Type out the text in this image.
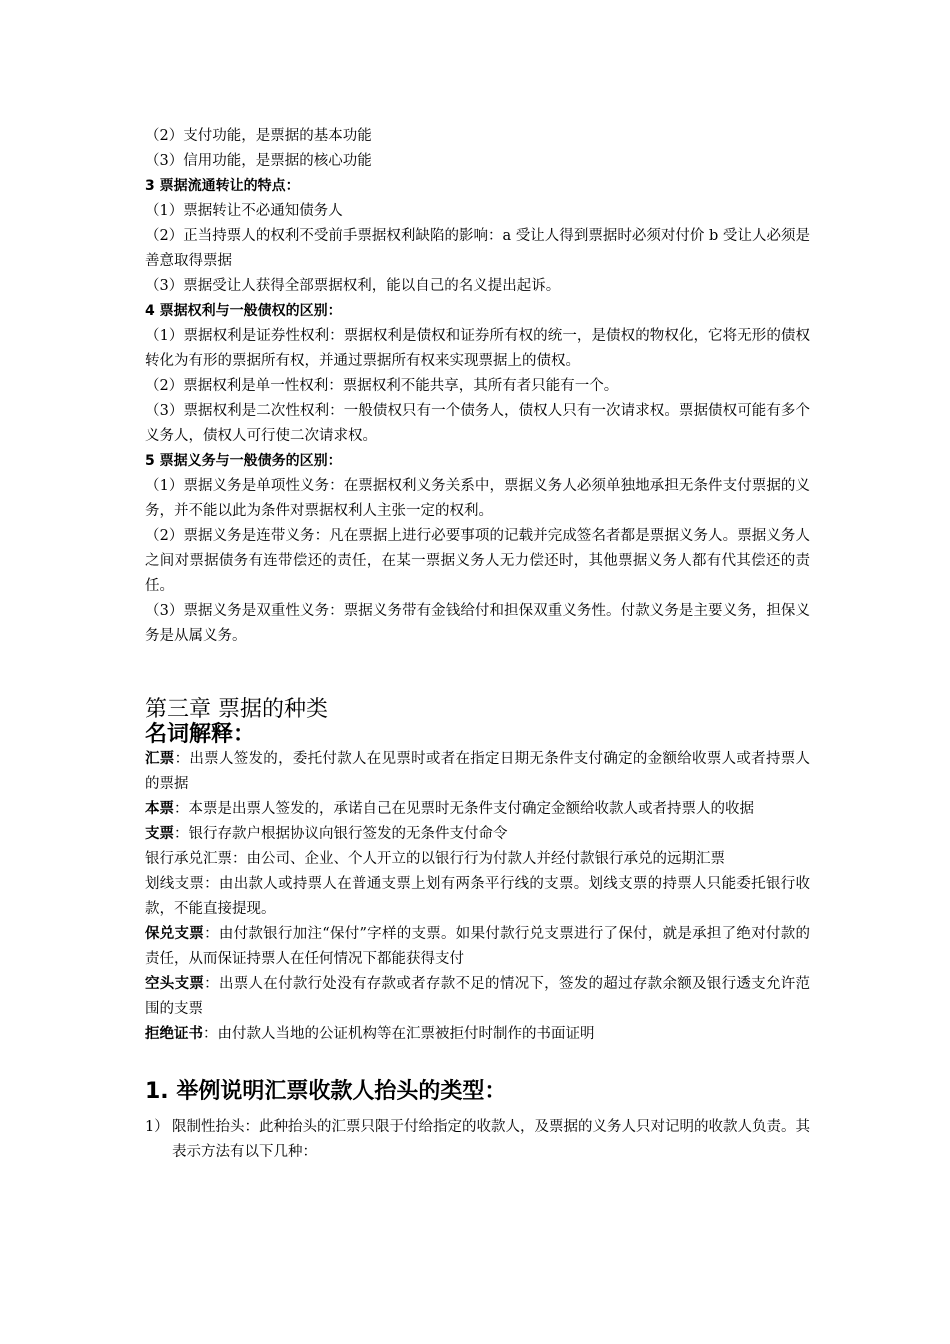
（2）支付功能，是票据的基本功能

（3）信用功能，是票据的核心功能

3 票据流通转让的特点：

（1）票据转让不必通知债务人

（2）正当持票人的权利不受前手票据权利缺陷的影响：a 受让人得到票据时必须对付价 b 受让人必须是善意取得票据

（3）票据受让人获得全部票据权利，能以自己的名义提出起诉。

4 票据权利与一般债权的区别：

（1）票据权利是证券性权利：票据权利是债权和证券所有权的统一，是债权的物权化，它将无形的债权转化为有形的票据所有权，并通过票据所有权来实现票据上的债权。

（2）票据权利是单一性权利：票据权利不能共享，其所有者只能有一个。

（3）票据权利是二次性权利：一般债权只有一个债务人，债权人只有一次请求权。票据债权可能有多个义务人，债权人可行使二次请求权。

5 票据义务与一般债务的区别：

（1）票据义务是单项性义务：在票据权利义务关系中，票据义务人必须单独地承担无条件支付票据的义务，并不能以此为条件对票据权利人主张一定的权利。

（2）票据义务是连带义务：凡在票据上进行必要事项的记载并完成签名者都是票据义务人。票据义务人之间对票据债务有连带偿还的责任，在某一票据义务人无力偿还时，其他票据义务人都有代其偿还的责任。

（3）票据义务是双重性义务：票据义务带有金钱给付和担保双重义务性。付款义务是主要义务，担保义务是从属义务。

第三章 票据的种类

名词解释：

汇票：出票人签发的，委托付款人在见票时或者在指定日期无条件支付确定的金额给收票人或者持票人的票据

本票：本票是出票人签发的，承诺自己在见票时无条件支付确定金额给收款人或者持票人的收据

支票：银行存款户根据协议向银行签发的无条件支付命令

银行承兑汇票：由公司、企业、个人开立的以银行行为付款人并经付款银行承兑的远期汇票

划线支票：由出款人或持票人在普通支票上划有两条平行线的支票。划线支票的持票人只能委托银行收款，不能直接提现。

保兑支票：由付款银行加注“保付”字样的支票。如果付款行兑支票进行了保付，就是承担了绝对付款的责任，从而保证持票人在任何情况下都能获得支付

空头支票：出票人在付款行处没有存款或者存款不足的情况下，签发的超过存款余额及银行透支允许范围的支票

拒绝证书：由付款人当地的公证机构等在汇票被拒付时制作的书面证明

1. 举例说明汇票收款人抬头的类型：

1） 限制性抬头：此种抬头的汇票只限于付给指定的收款人，及票据的义务人只对记明的收款人负责。其表示方法有以下几种：
